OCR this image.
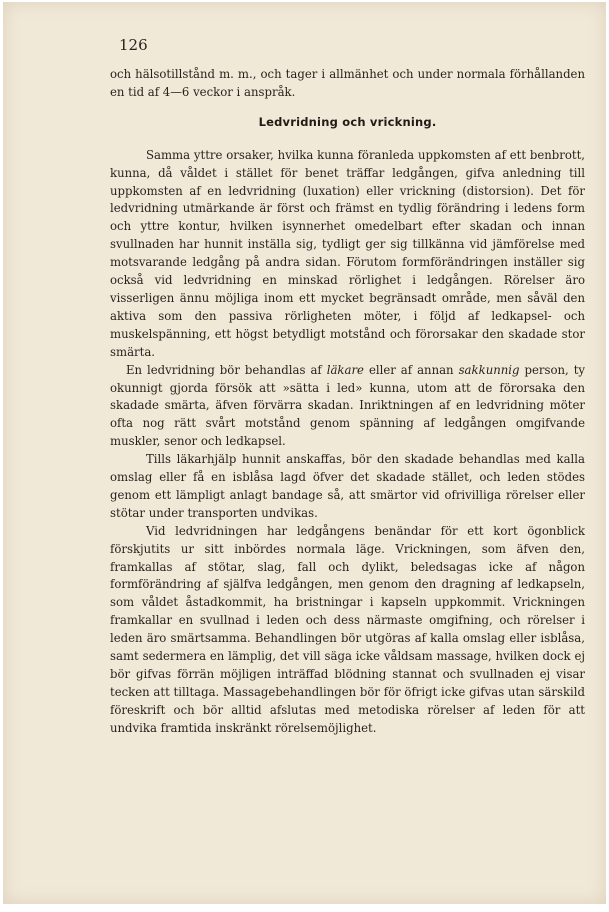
126

och hälsotillstånd m. m., och tager i allmänhet och under normala förhållanden en tid af 4—6 veckor i anspråk.

Ledvridning och vrickning.

Samma yttre orsaker, hvilka kunna föranleda uppkomsten af ett benbrott, kunna, då våldet i stället för benet träffar ledgången, gifva anledning till uppkomsten af en ledvridning (luxation) eller vrickning (distorsion). Det för ledvridning utmärkande är först och främst en tydlig förändring i ledens form och yttre kontur, hvilken isynnerhet omedelbart efter skadan och innan svullnaden har hunnit inställa sig, tydligt ger sig tillkänna vid jämförelse med motsvarande ledgång på andra sidan. Förutom formförändringen inställer sig också vid ledvridning en minskad rörlighet i ledgången. Rörelser äro visserligen ännu möjliga inom ett mycket begränsadt område, men såväl den aktiva som den passiva rörligheten möter, i följd af ledkapsel- och muskelspänning, ett högst betydligt motstånd och förorsakar den skadade stor smärta.

En ledvridning bör behandlas af läkare eller af annan sakkunnig person, ty okunnigt gjorda försök att »sätta i led» kunna, utom att de förorsaka den skadade smärta, äfven förvärra skadan. Inriktningen af en ledvridning möter ofta nog rätt svårt motstånd genom spänning af ledgången omgifvande muskler, senor och ledkapsel.

Tills läkarhjälp hunnit anskaffas, bör den skadade behandlas med kalla omslag eller få en isblåsa lagd öfver det skadade stället, och leden stödes genom ett lämpligt anlagt bandage så, att smärtor vid ofrivilliga rörelser eller stötar under transporten undvikas.

Vid ledvridningen har ledgångens benändar för ett kort ögonblick förskjutits ur sitt inbördes normala läge. Vrickningen, som äfven den, framkallas af stötar, slag, fall och dylikt, beledsagas icke af någon formförändring af själfva ledgången, men genom den dragning af ledkapseln, som våldet åstadkommit, ha bristningar i kapseln uppkommit. Vrickningen framkallar en svullnad i leden och dess närmaste omgifning, och rörelser i leden äro smärtsamma. Behandlingen bör utgöras af kalla omslag eller isblåsa, samt sedermera en lämplig, det vill säga icke våldsam massage, hvilken dock ej bör gifvas förrän möjligen inträffad blödning stannat och svullnaden ej visar tecken att tilltaga. Massagebehandlingen bör för öfrigt icke gifvas utan särskild föreskrift och bör alltid afslutas med metodiska rörelser af leden för att undvika framtida inskränkt rörelsemöjlighet.
